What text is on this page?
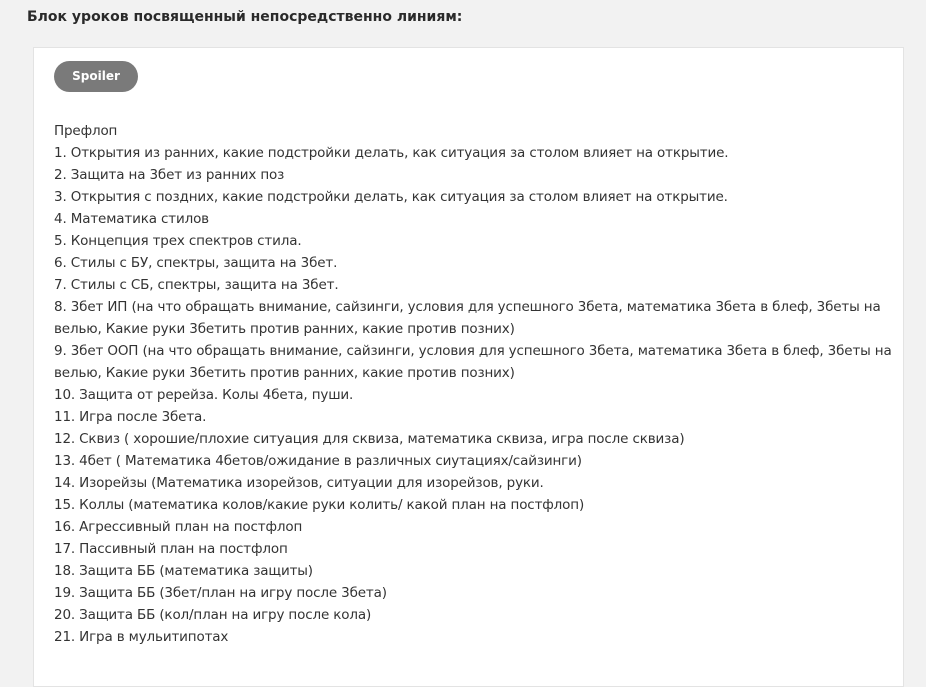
Блок уроков посвященный непосредственно линиям:
Spoiler
Префлоп
1. Открытия из ранних, какие подстройки делать, как ситуация за столом влияет на открытие.
2. Защита на 3бет из ранних поз
3. Открытия с поздних, какие подстройки делать, как ситуация за столом влияет на открытие.
4. Математика стилов
5. Концепция трех спектров стила.
6. Стилы с БУ, спектры, защита на 3бет.
7. Стилы с СБ, спектры, защита на 3бет.
8. 3бет ИП (на что обращать внимание, сайзинги, условия для успешного 3бета, математика 3бета в блеф, 3беты на велью, Какие руки 3бетить против ранних, какие против позних)
9. 3бет ООП (на что обращать внимание, сайзинги, условия для успешного 3бета, математика 3бета в блеф, 3беты на велью, Какие руки 3бетить против ранних, какие против позних)
10. Защита от ререйза. Колы 4бета, пуши.
11. Игра после 3бета.
12. Сквиз ( хорошие/плохие ситуация для сквиза, математика сквиза, игра после сквиза)
13. 4бет ( Математика 4бетов/ожидание в различных сиутациях/сайзинги)
14. Изорейзы (Математика изорейзов, ситуации для изорейзов, руки.
15. Коллы (математика колов/какие руки колить/ какой план на постфлоп)
16. Агрессивный план на постфлоп
17. Пассивный план на постфлоп
18. Защита ББ (математика защиты)
19. Защита ББ (3бет/план на игру после 3бета)
20. Защита ББ (кол/план на игру после кола)
21. Игра в мульитипотах
